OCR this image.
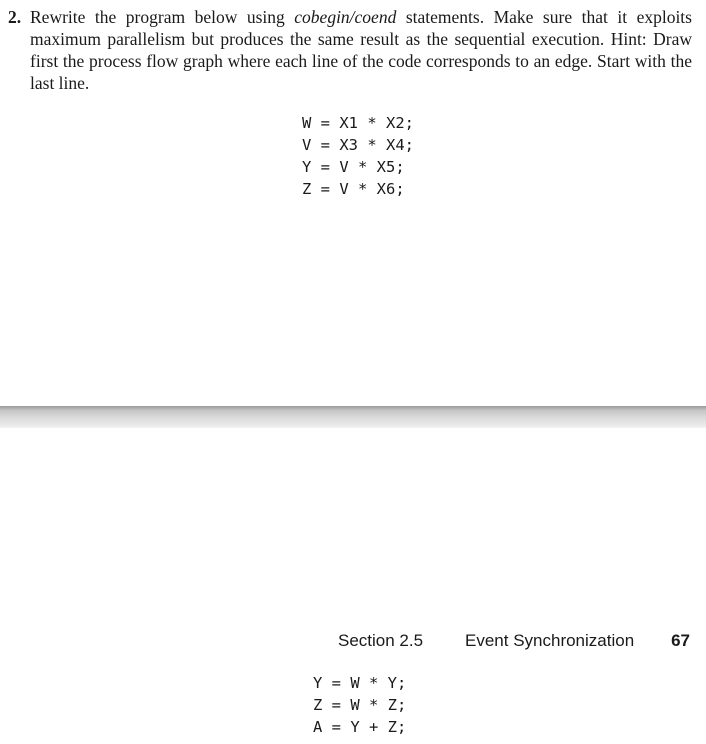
2. Rewrite the program below using cobegin/coend statements. Make sure that it exploits maximum parallelism but produces the same result as the sequential execution. Hint: Draw first the process flow graph where each line of the code corresponds to an edge. Start with the last line.
W = X1 * X2;
V = X3 * X4;
Y = V * X5;
Z = V * X6;
Section 2.5 Event Synchronization 67
Y = W * Y;
Z = W * Z;
A = Y + Z;
